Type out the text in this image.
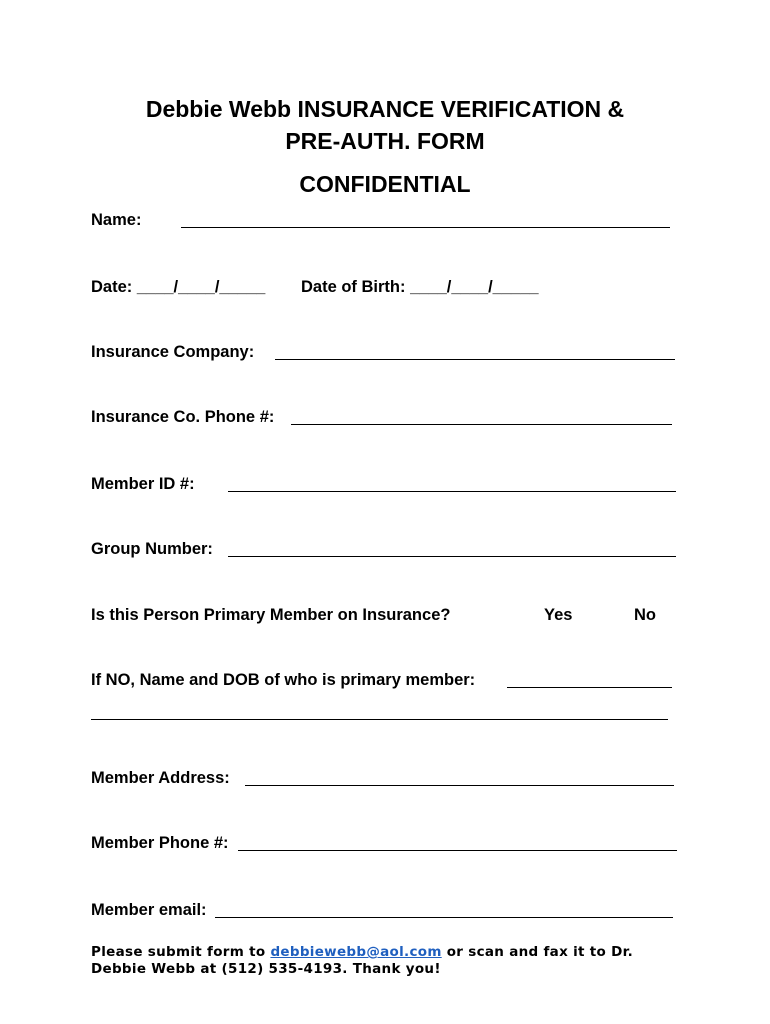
Debbie Webb INSURANCE VERIFICATION &
PRE-AUTH. FORM
CONFIDENTIAL
Name:
Date: ____/____/_____ Date of Birth: ____/____/_____
Insurance Company:
Insurance Co. Phone #:
Member ID #:
Group Number:
Is this Person Primary Member on Insurance?	Yes	No
If NO, Name and DOB of who is primary member:
Member Address:
Member Phone #:
Member email:
Please submit form to debbiewebb@aol.com or scan and fax it to Dr. Debbie Webb at (512) 535-4193. Thank you!
